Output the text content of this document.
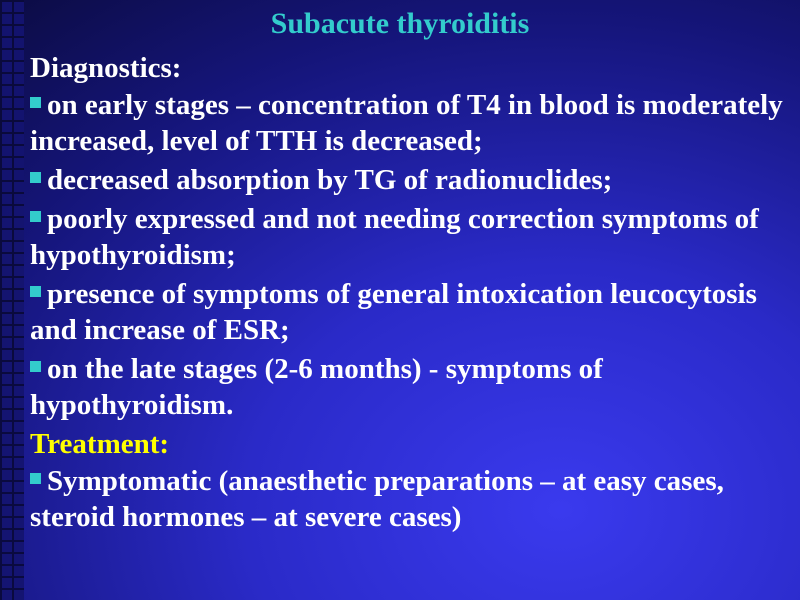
Subacute thyroiditis
Diagnostics:
on early stages – concentration of T4 in blood is moderately increased, level of TTH is decreased;
decreased absorption by TG of radionuclides;
poorly expressed and not needing correction symptoms of hypothyroidism;
presence of symptoms of general intoxication leucocytosis and increase of ESR;
on the late stages (2-6 months) - symptoms of hypothyroidism.
Treatment:
Symptomatic (anaesthetic preparations – at easy cases, steroid hormones – at severe cases)
